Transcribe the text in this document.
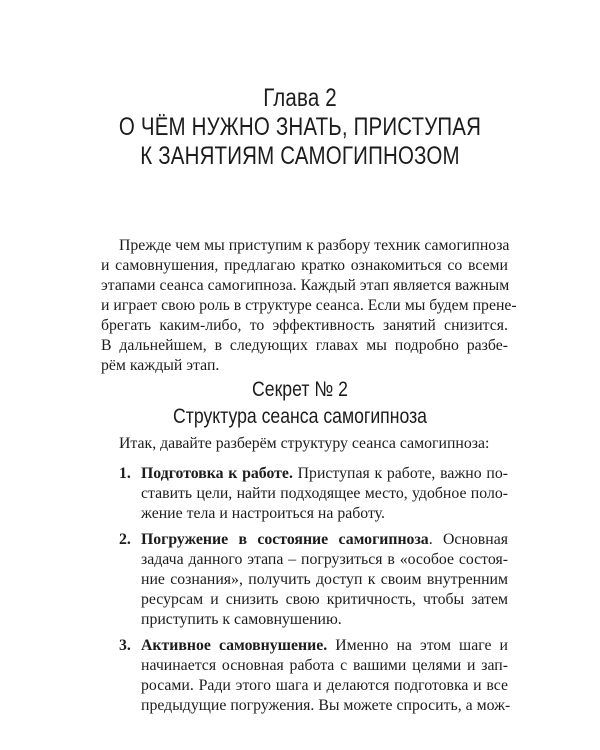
Глава 2
О ЧЁМ НУЖНО ЗНАТЬ, ПРИСТУПАЯ
К ЗАНЯТИЯМ САМОГИПНОЗОМ
Прежде чем мы приступим к разбору техник самогипноза
и самовнушения, предлагаю кратко ознакомиться со всеми
этапами сеанса самогипноза. Каждый этап является важным
и играет свою роль в структуре сеанса. Если мы будем прене-
брегать каким-либо, то эффективность занятий снизится.
В дальнейшем, в следующих главах мы подробно разбе-
рём каждый этап.
Секрет № 2
Структура сеанса самогипноза
Итак, давайте разберём структуру сеанса самогипноза:
1. Подготовка к работе. Приступая к работе, важно по-
ставить цели, найти подходящее место, удобное поло-
жение тела и настроиться на работу.
2. Погружение в состояние самогипноза. Основная
задача данного этапа – погрузиться в «особое состоя-
ние сознания», получить доступ к своим внутренним
ресурсам и снизить свою критичность, чтобы затем
приступить к самовнушению.
3. Активное самовнушение. Именно на этом шаге и
начинается основная работа с вашими целями и зап-
росами. Ради этого шага и делаются подготовка и все
предыдущие погружения. Вы можете спросить, а мож-
